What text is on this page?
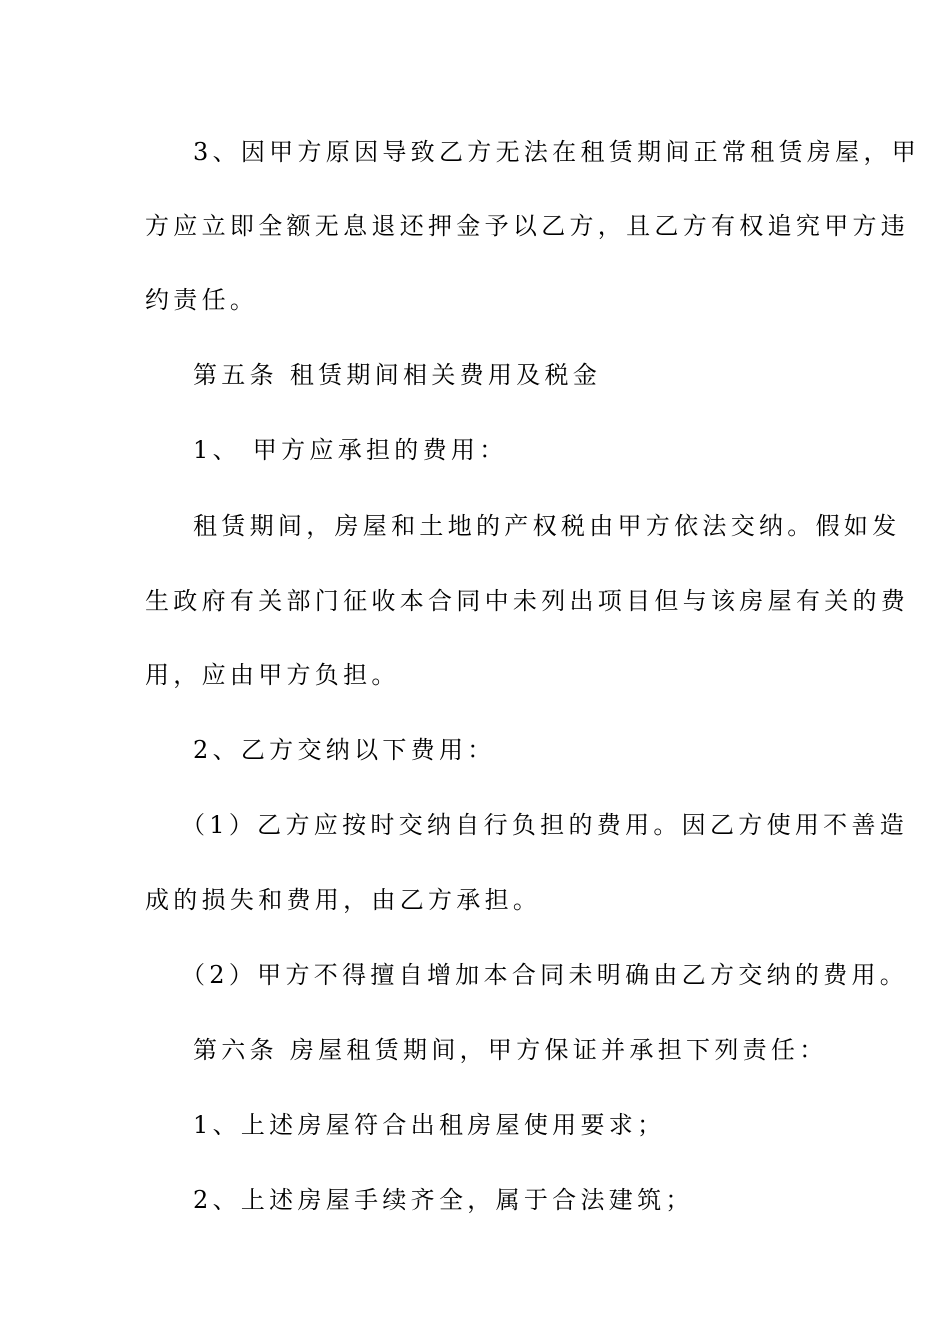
3、因甲方原因导致乙方无法在租赁期间正常租赁房屋，甲
方应立即全额无息退还押金予以乙方，且乙方有权追究甲方违
约责任。
第五条 租赁期间相关费用及税金
1、 甲方应承担的费用：
租赁期间，房屋和土地的产权税由甲方依法交纳。假如发
生政府有关部门征收本合同中未列出项目但与该房屋有关的费
用，应由甲方负担。
2、乙方交纳以下费用：
（1）乙方应按时交纳自行负担的费用。因乙方使用不善造
成的损失和费用，由乙方承担。
（2）甲方不得擅自增加本合同未明确由乙方交纳的费用。
第六条 房屋租赁期间，甲方保证并承担下列责任：
1、上述房屋符合出租房屋使用要求；
2、上述房屋手续齐全，属于合法建筑；
